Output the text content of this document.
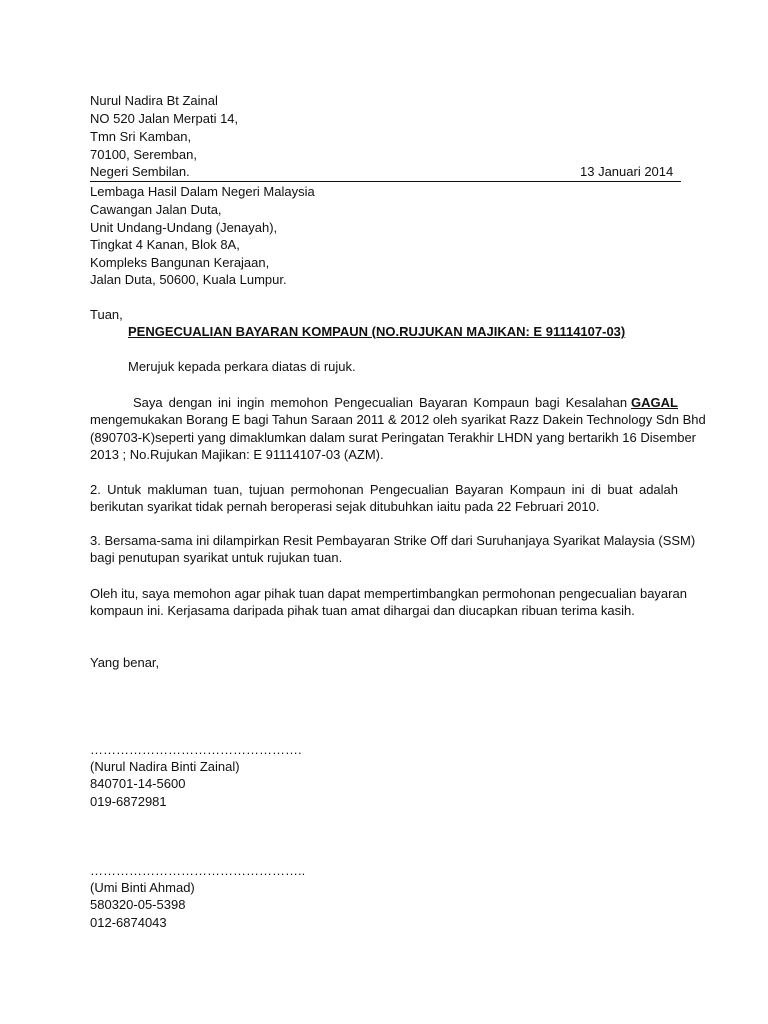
Nurul Nadira Bt Zainal
NO 520 Jalan Merpati 14,
Tmn Sri Kamban,
70100, Seremban,
Negeri Sembilan.	13 Januari 2014
Lembaga Hasil Dalam Negeri Malaysia
Cawangan Jalan Duta,
Unit Undang-Undang (Jenayah),
Tingkat 4 Kanan, Blok 8A,
Kompleks Bangunan Kerajaan,
Jalan Duta, 50600, Kuala Lumpur.
Tuan,
PENGECUALIAN BAYARAN KOMPAUN (NO.RUJUKAN MAJIKAN: E 91114107-03)
Merujuk kepada perkara diatas di rujuk.
Saya dengan ini ingin memohon Pengecualian Bayaran Kompaun bagi Kesalahan GAGAL
mengemukakan Borang E bagi Tahun Saraan 2011 & 2012 oleh syarikat Razz Dakein Technology Sdn Bhd
(890703-K)seperti yang dimaklumkan dalam surat Peringatan Terakhir LHDN yang bertarikh 16 Disember
2013 ; No.Rujukan Majikan: E 91114107-03 (AZM).
2. Untuk makluman tuan, tujuan permohonan Pengecualian Bayaran Kompaun ini di buat adalah
berikutan syarikat tidak pernah beroperasi sejak ditubuhkan iaitu pada 22 Februari 2010.
3. Bersama-sama ini dilampirkan Resit Pembayaran Strike Off dari Suruhanjaya Syarikat Malaysia (SSM)
bagi penutupan syarikat untuk rujukan tuan.
Oleh itu, saya memohon agar pihak tuan dapat mempertimbangkan permohonan pengecualian bayaran
kompaun ini. Kerjasama daripada pihak tuan amat dihargai dan diucapkan ribuan terima kasih.
Yang benar,
………………………………………….
(Nurul Nadira Binti Zainal)
840701-14-5600
019-6872981
…………………………………………..
(Umi Binti Ahmad)
580320-05-5398
012-6874043
